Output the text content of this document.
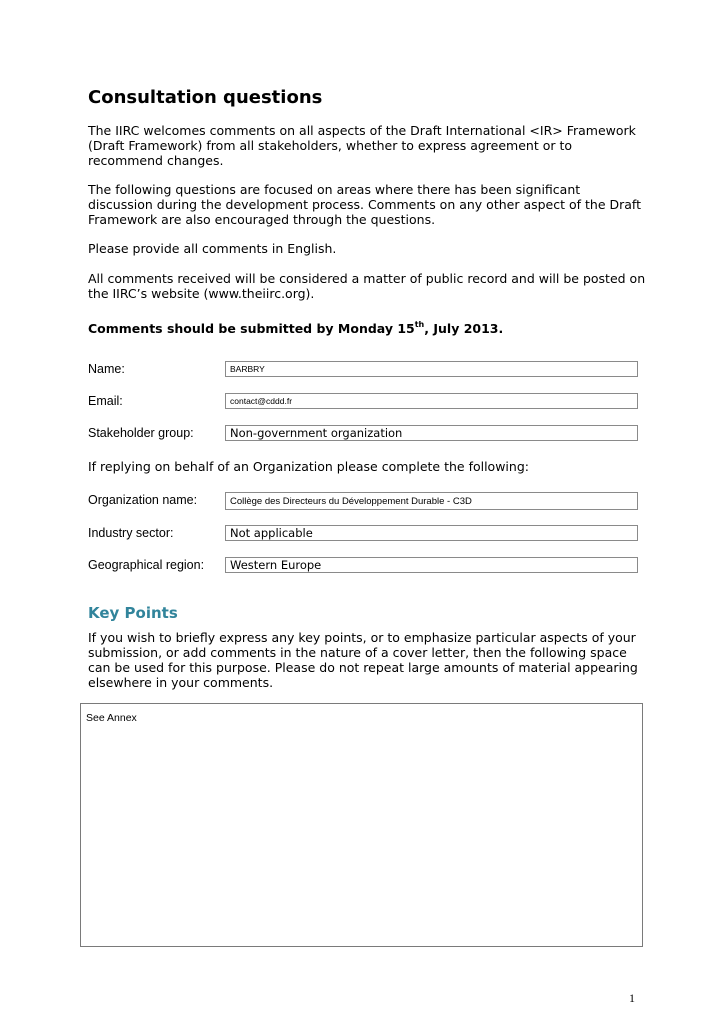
Consultation questions

The IIRC welcomes comments on all aspects of the Draft International <IR> Framework (Draft Framework) from all stakeholders, whether to express agreement or to recommend changes.

The following questions are focused on areas where there has been significant discussion during the development process. Comments on any other aspect of the Draft Framework are also encouraged through the questions.

Please provide all comments in English.

All comments received will be considered a matter of public record and will be posted on the IIRC’s website (www.theiirc.org).

Comments should be submitted by Monday 15th, July 2013.
Name:	BARBRY
Email:	contact@cddd.fr
Stakeholder group:	Non-government organization
If replying on behalf of an Organization please complete the following:
Organization name:	Collège des Directeurs du Développement Durable - C3D
Industry sector:	Not applicable
Geographical region: Western Europe
Key Points

If you wish to briefly express any key points, or to emphasize particular aspects of your submission, or add comments in the nature of a cover letter, then the following space can be used for this purpose. Please do not repeat large amounts of material appearing elsewhere in your comments.

See Annex
1
